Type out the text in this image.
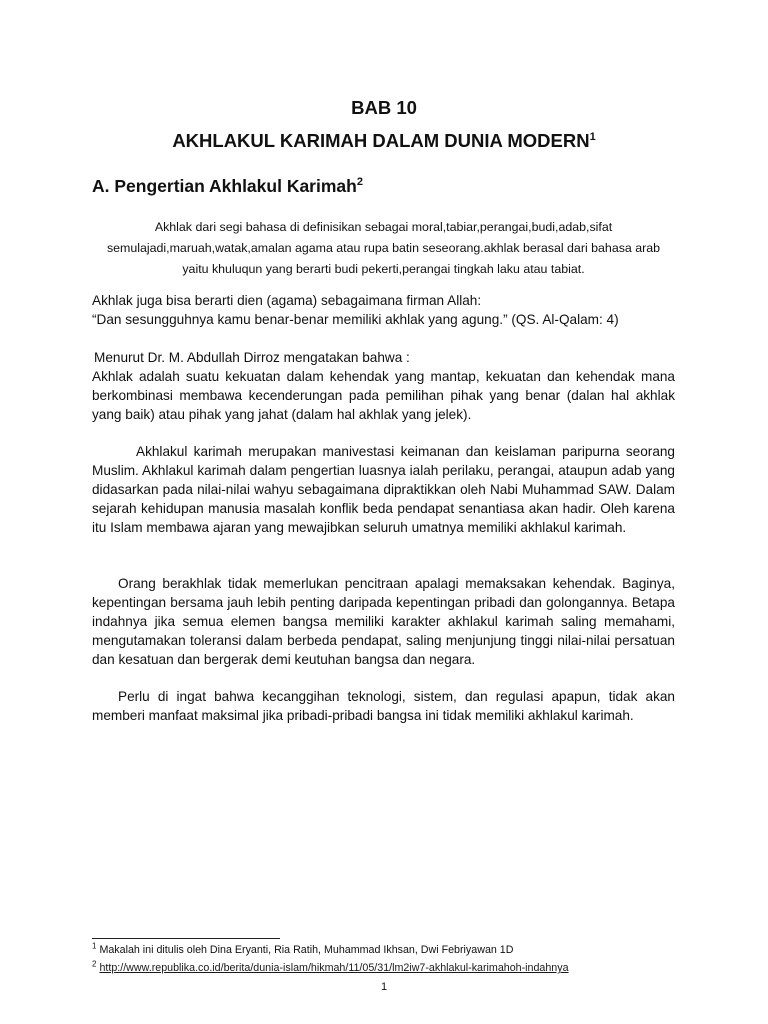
BAB 10
AKHLAKUL KARIMAH DALAM DUNIA MODERN$^1$
A. Pengertian Akhlakul Karimah$^2$
Akhlak dari segi bahasa di definisikan sebagai moral,tabiar,perangai,budi,adab,sifat
semulajadi,maruah,watak,amalan agama atau rupa batin seseorang.akhlak berasal dari bahasa arab
yaitu khuluqun yang berarti budi pekerti,perangai tingkah laku atau tabiat.

Akhlak juga bisa berarti dien (agama) sebagaimana firman Allah:

“Dan sesungguhnya kamu benar-benar memiliki akhlak yang agung.” (QS. Al-Qalam: 4)

Menurut Dr. M. Abdullah Dirroz mengatakan bahwa :

Akhlak adalah suatu kekuatan dalam kehendak yang mantap, kekuatan dan kehendak mana berkombinasi membawa kecenderungan pada pemilihan pihak yang benar (dalan hal akhlak yang baik) atau pihak yang jahat (dalam hal akhlak yang jelek).

Akhlakul karimah merupakan manivestasi keimanan dan keislaman paripurna seorang Muslim. Akhlakul karimah dalam pengertian luasnya ialah perilaku, perangai, ataupun adab yang didasarkan pada nilai-nilai wahyu sebagaimana dipraktikkan oleh Nabi Muhammad SAW. Dalam sejarah kehidupan manusia masalah konflik beda pendapat senantiasa akan hadir. Oleh karena itu Islam membawa ajaran yang mewajibkan seluruh umatnya memiliki akhlakul karimah.

Orang berakhlak tidak memerlukan pencitraan apalagi memaksakan kehendak. Baginya, kepentingan bersama jauh lebih penting daripada kepentingan pribadi dan golongannya. Betapa indahnya jika semua elemen bangsa memiliki karakter akhlakul karimah saling memahami, mengutamakan toleransi dalam berbeda pendapat, saling menjunjung tinggi nilai-nilai persatuan dan kesatuan dan bergerak demi keutuhan bangsa dan negara.

Perlu di ingat bahwa kecanggihan teknologi, sistem, dan regulasi apapun, tidak akan memberi manfaat maksimal jika pribadi-pribadi bangsa ini tidak memiliki akhlakul karimah.

$^1$ Makalah ini ditulis oleh Dina Eryanti, Ria Ratih, Muhammad Ikhsan, Dwi Febriyawan 1D
$^2$ http://www.republika.co.id/berita/dunia-islam/hikmah/11/05/31/lm2iw7-akhlakul-karimahoh-indahnya
1
